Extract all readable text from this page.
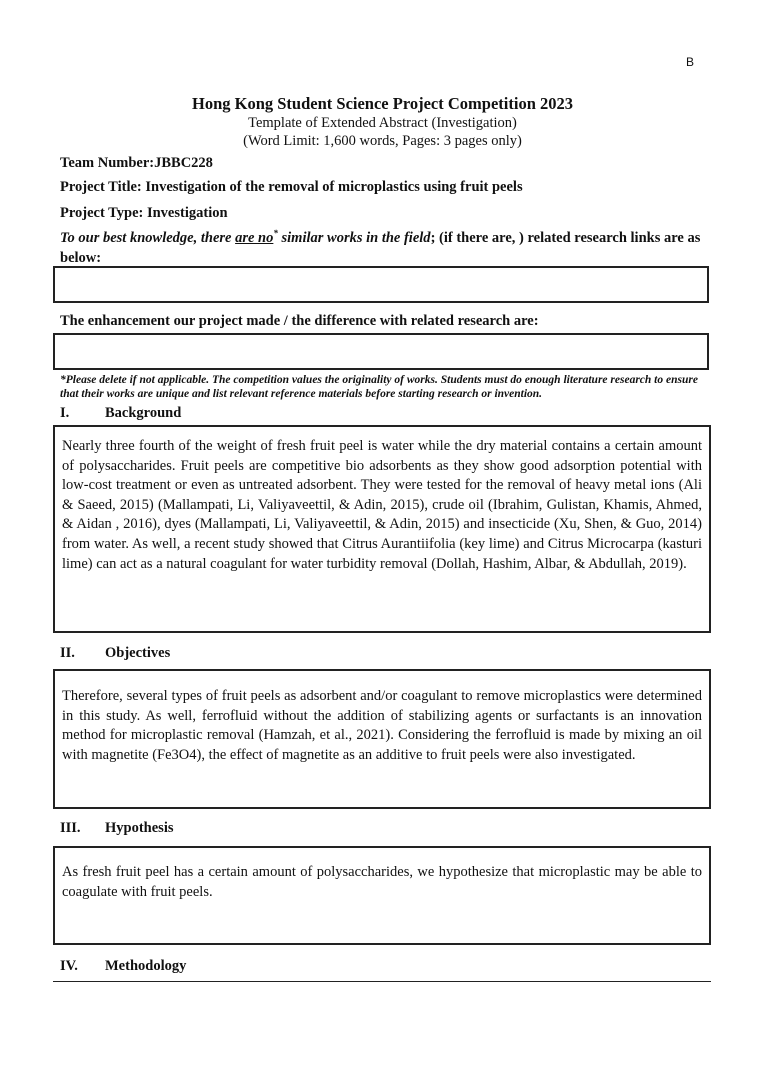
B
Hong Kong Student Science Project Competition 2023
Template of Extended Abstract (Investigation)
(Word Limit: 1,600 words, Pages: 3 pages only)
Team Number:JBBC228
Project Title: Investigation of the removal of microplastics using fruit peels
Project Type: Investigation
To our best knowledge, there are no* similar works in the field; (if there are, ) related research links are as below:
The enhancement our project made / the difference with related research are:
*Please delete if not applicable. The competition values the originality of works. Students must do enough literature research to ensure that their works are unique and list relevant reference materials before starting research or invention.
I. Background

Nearly three fourth of the weight of fresh fruit peel is water while the dry material contains a certain amount of polysaccharides. Fruit peels are competitive bio adsorbents as they show good adsorption potential with low-cost treatment or even as untreated adsorbent. They were tested for the removal of heavy metal ions (Ali & Saeed, 2015) (Mallampati, Li, Valiyaveettil, & Adin, 2015), crude oil (Ibrahim, Gulistan, Khamis, Ahmed, & Aidan , 2016), dyes (Mallampati, Li, Valiyaveettil, & Adin, 2015) and insecticide (Xu, Shen, & Guo, 2014) from water. As well, a recent study showed that Citrus Aurantiifolia (key lime) and Citrus Microcarpa (kasturi lime) can act as a natural coagulant for water turbidity removal (Dollah, Hashim, Albar, & Abdullah, 2019).

II. Objectives

Therefore, several types of fruit peels as adsorbent and/or coagulant to remove microplastics were determined in this study. As well, ferrofluid without the addition of stabilizing agents or surfactants is an innovation method for microplastic removal (Hamzah, et al., 2021). Considering the ferrofluid is made by mixing an oil with magnetite (Fe3O4), the effect of magnetite as an additive to fruit peels were also investigated.

III. Hypothesis

As fresh fruit peel has a certain amount of polysaccharides, we hypothesize that microplastic may be able to coagulate with fruit peels.

IV. Methodology
